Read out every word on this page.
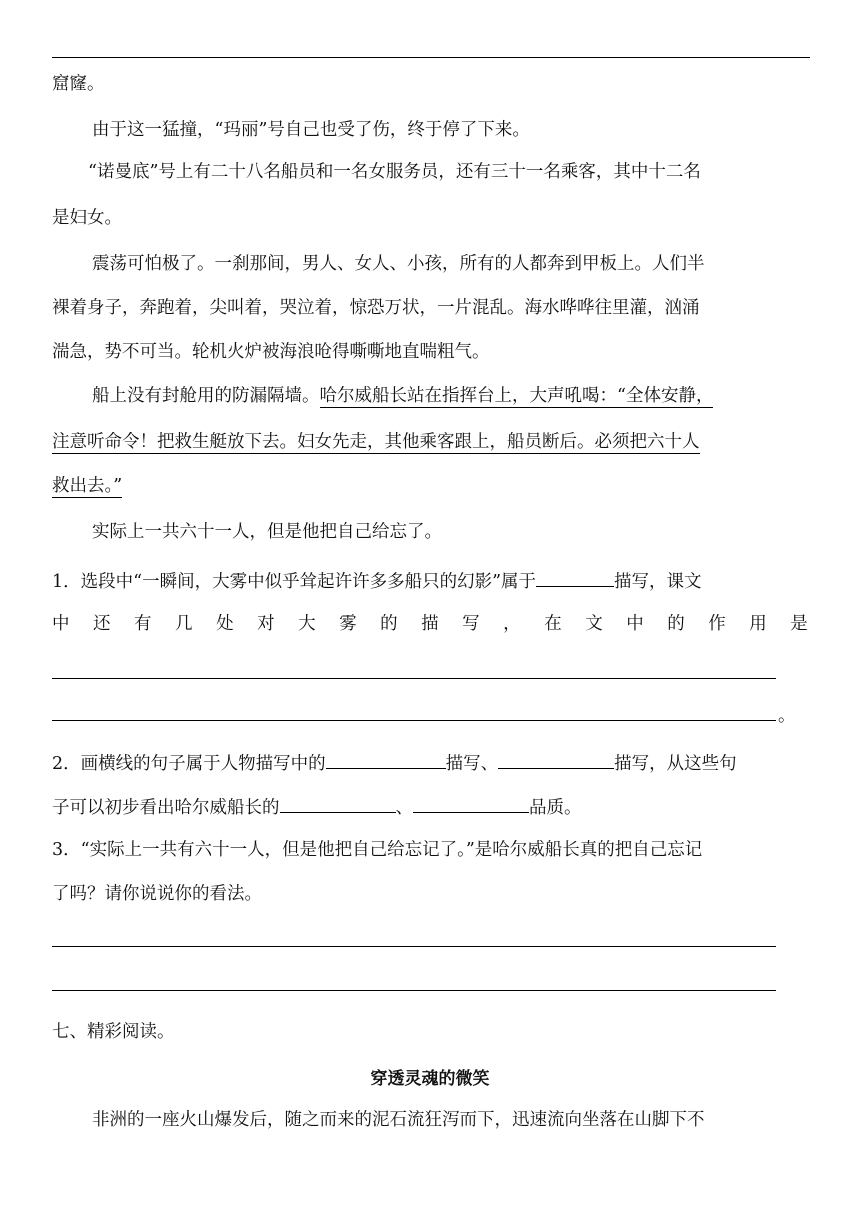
窟窿。
由于这一猛撞，“玛丽”号自己也受了伤，终于停了下来。
“诺曼底”号上有二十八名船员和一名女服务员，还有三十一名乘客，其中十二名
是妇女。
震荡可怕极了。一刹那间，男人、女人、小孩，所有的人都奔到甲板上。人们半
裸着身子，奔跑着，尖叫着，哭泣着，惊恐万状，一片混乱。海水哗哗往里灌，汹涌
湍急，势不可当。轮机火炉被海浪呛得嘶嘶地直喘粗气。
船上没有封舱用的防漏隔墙。哈尔威船长站在指挥台上，大声吼喝：“全体安静，
注意听命令！把救生艇放下去。妇女先走，其他乘客跟上，船员断后。必须把六十人
救出去。”
实际上一共六十一人，但是他把自己给忘了。
1．选段中“一瞬间，大雾中似乎耸起许许多多船只的幻影”属于	描写，课文
中 还 有 几 处 对 大 雾 的 描 写 ， 在 文 中 的 作 用 是
。
2．画横线的句子属于人物描写中的	描写、	描写，从这些句
子可以初步看出哈尔威船长的	、	品质。
3．“实际上一共有六十一人，但是他把自己给忘记了。”是哈尔威船长真的把自己忘记
了吗？请你说说你的看法。
七、精彩阅读。
穿透灵魂的微笑
非洲的一座火山爆发后，随之而来的泥石流狂泻而下，迅速流向坐落在山脚下不
